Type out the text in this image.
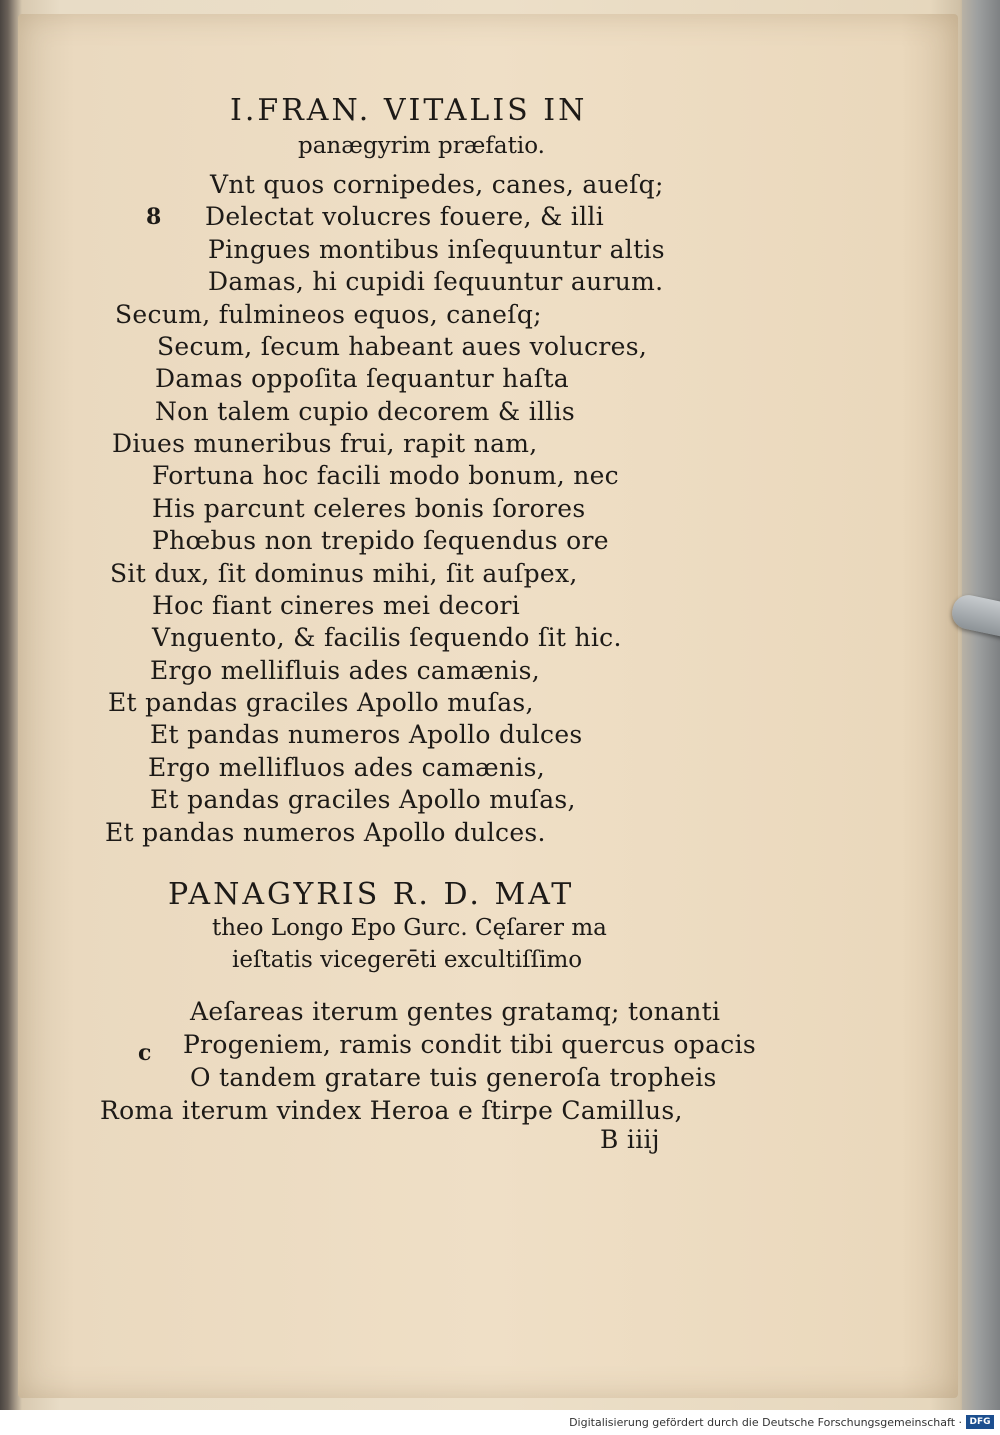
I.FRAN. VITALIS IN
panægyrim præfatio.
Vnt quos cornipedes, canes, aueſq;
Delectat volucres fouere, & illi
Pingues montibus inſequuntur altis
Damas, hi cupidi ſequuntur aurum.
Secum, fulmineos equos, caneſq;
Secum, ſecum habeant aues volucres,
Damas oppoſita ſequantur haſta
Non talem cupio decorem & illis
Diues muneribus frui, rapit nam,
Fortuna hoc facili modo bonum, nec
His parcunt celeres bonis ſorores
Phœbus non trepido ſequendus ore
Sit dux, ſit dominus mihi, ſit auſpex,
Hoc fiant cineres mei decori
Vnguento, & facilis ſequendo ſit hic.
Ergo mellifluis ades camænis,
Et pandas graciles Apollo muſas,
Et pandas numeros Apollo dulces
Ergo mellifluos ades camænis,
Et pandas graciles Apollo muſas,
Et pandas numeros Apollo dulces.
8
PANAGYRIS R. D. MAT
theo Longo Epo Gurc. Cęſarer ma
ieſtatis vicegerēti excultiſſimo
Aeſareas iterum gentes gratamq; tonanti
Progeniem, ramis condit tibi quercus opacis
O tandem gratare tuis generoſa tropheis
Roma iterum vindex Heroa e ſtirpe Camillus,
c
B iiij
Digitalisierung gefördert durch die Deutsche Forschungsgemeinschaft · DFG
